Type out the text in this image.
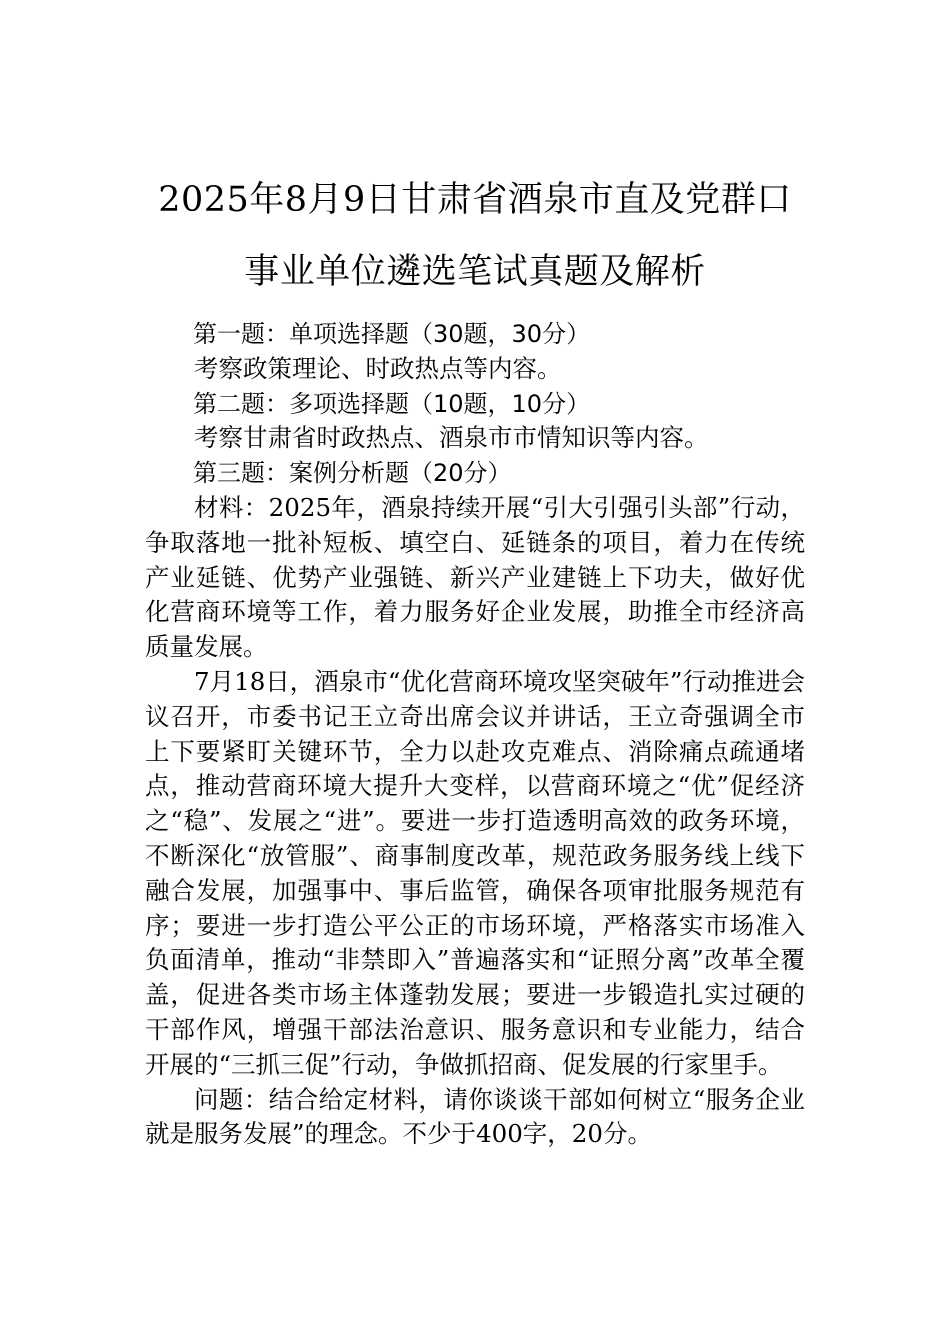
2025年8月9日甘肃省酒泉市直及党群口
事业单位遴选笔试真题及解析

第一题：单项选择题（30题，30分）

考察政策理论、时政热点等内容。

第二题：多项选择题（10题，10分）

考察甘肃省时政热点、酒泉市市情知识等内容。

第三题：案例分析题（20分）

材料：2025年，酒泉持续开展“引大引强引头部”行动，争取落地一批补短板、填空白、延链条的项目，着力在传统产业延链、优势产业强链、新兴产业建链上下功夫，做好优化营商环境等工作，着力服务好企业发展，助推全市经济高质量发展。

7月18日，酒泉市“优化营商环境攻坚突破年”行动推进会议召开，市委书记王立奇出席会议并讲话，王立奇强调全市上下要紧盯关键环节，全力以赴攻克难点、消除痛点疏通堵点，推动营商环境大提升大变样，以营商环境之“优”促经济之“稳”、发展之“进”。要进一步打造透明高效的政务环境，不断深化“放管服”、商事制度改革，规范政务服务线上线下融合发展，加强事中、事后监管，确保各项审批服务规范有序；要进一步打造公平公正的市场环境，严格落实市场准入负面清单，推动“非禁即入”普遍落实和“证照分离”改革全覆盖，促进各类市场主体蓬勃发展；要进一步锻造扎实过硬的干部作风，增强干部法治意识、服务意识和专业能力，结合开展的“三抓三促”行动，争做抓招商、促发展的行家里手。

问题：结合给定材料，请你谈谈干部如何树立“服务企业就是服务发展”的理念。不少于400字，20分。
